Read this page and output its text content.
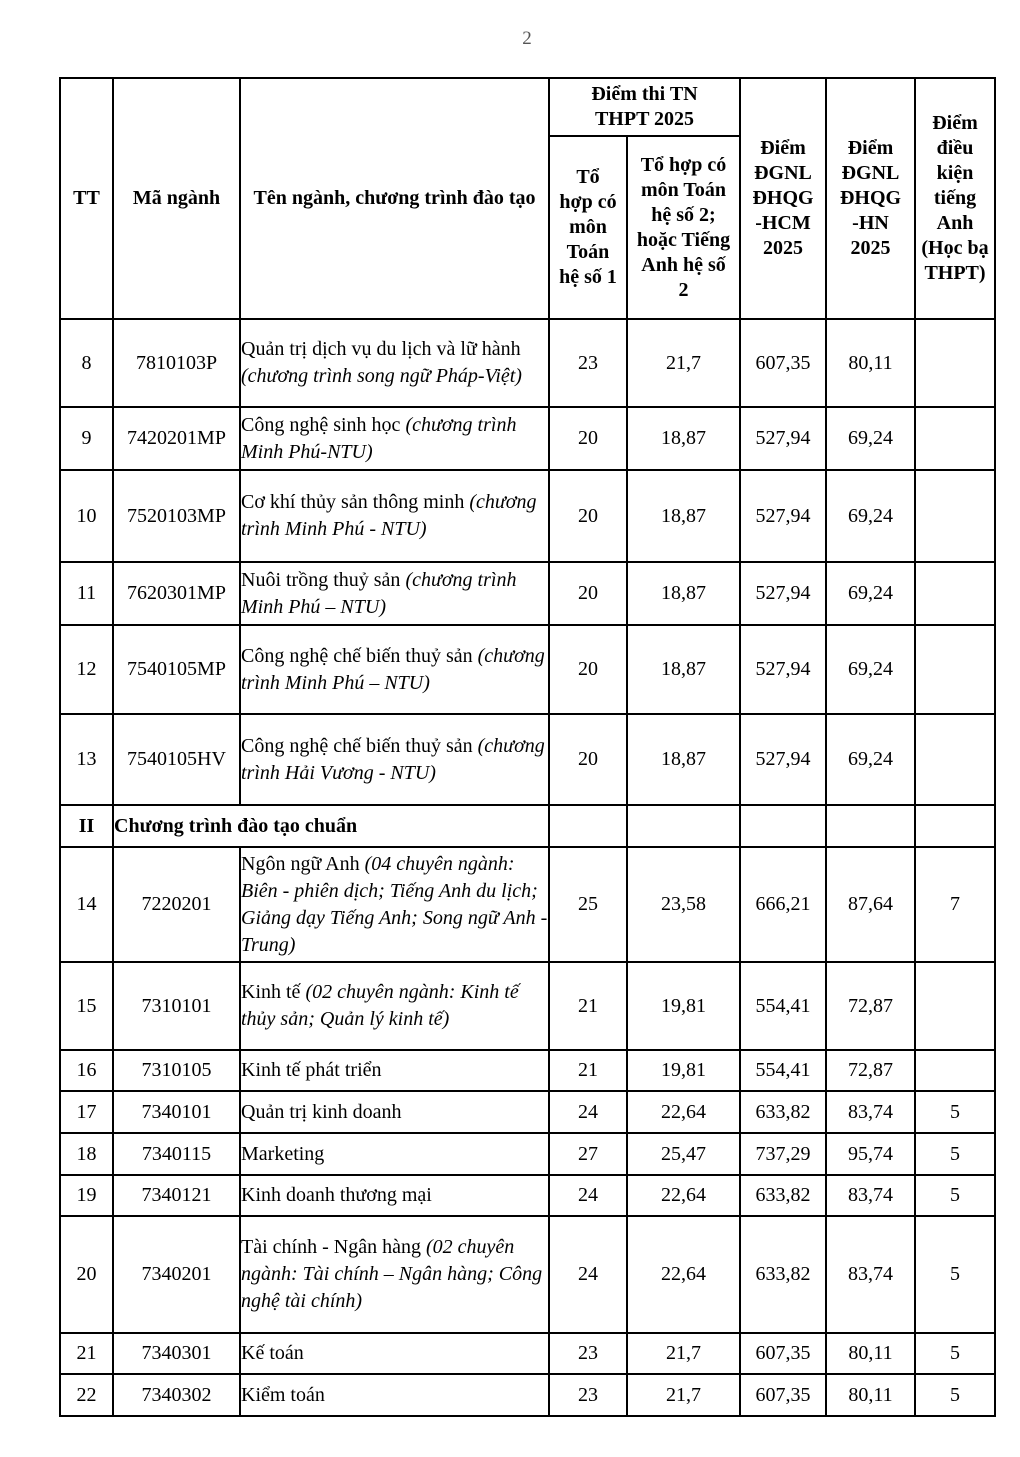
2
TT	Mã ngành	Tên ngành, chương trình đào tạo	Điểm thi TN THPT 2025		Điểm ĐGNL ĐHQG -HCM 2025	Điểm ĐGNL ĐHQG -HN 2025	Điểm điều kiện tiếng Anh (Học bạ THPT)
			Tổ hợp có môn Toán hệ số 1	Tổ hợp có môn Toán hệ số 2; hoặc Tiếng Anh hệ số 2			
8	7810103P	Quản trị dịch vụ du lịch và lữ hành (chương trình song ngữ Pháp-Việt)	23	21,7	607,35	80,11	
9	7420201MP	Công nghệ sinh học (chương trình Minh Phú-NTU)	20	18,87	527,94	69,24	
10	7520103MP	Cơ khí thủy sản thông minh (chương trình Minh Phú - NTU)	20	18,87	527,94	69,24	
11	7620301MP	Nuôi trồng thuỷ sản (chương trình Minh Phú – NTU)	20	18,87	527,94	69,24	
12	7540105MP	Công nghệ chế biến thuỷ sản (chương trình Minh Phú – NTU)	20	18,87	527,94	69,24	
13	7540105HV	Công nghệ chế biến thuỷ sản (chương trình Hải Vương - NTU)	20	18,87	527,94	69,24	
II	Chương trình đào tạo chuẩn						
14	7220201	Ngôn ngữ Anh (04 chuyên ngành: Biên - phiên dịch; Tiếng Anh du lịch; Giảng dạy Tiếng Anh; Song ngữ Anh - Trung)	25	23,58	666,21	87,64	7
15	7310101	Kinh tế (02 chuyên ngành: Kinh tế thủy sản; Quản lý kinh tế)	21	19,81	554,41	72,87	
16	7310105	Kinh tế phát triển	21	19,81	554,41	72,87	
17	7340101	Quản trị kinh doanh	24	22,64	633,82	83,74	5
18	7340115	Marketing	27	25,47	737,29	95,74	5
19	7340121	Kinh doanh thương mại	24	22,64	633,82	83,74	5
20	7340201	Tài chính - Ngân hàng (02 chuyên ngành: Tài chính – Ngân hàng; Công nghệ tài chính)	24	22,64	633,82	83,74	5
21	7340301	Kế toán	23	21,7	607,35	80,11	5
22	7340302	Kiểm toán	23	21,7	607,35	80,11	5
